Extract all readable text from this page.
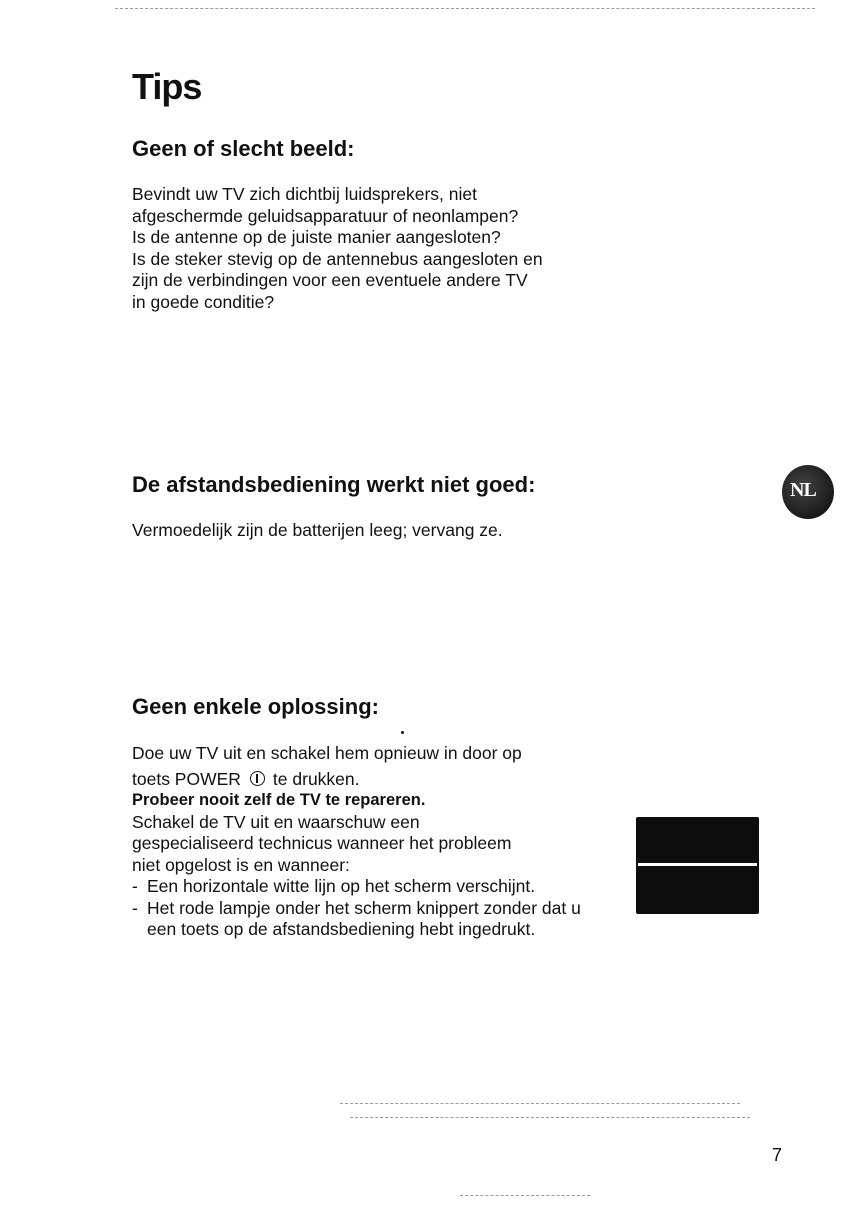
Tips
Geen of slecht beeld:

Bevindt uw TV zich dichtbij luidsprekers, niet

afgeschermde geluidsapparatuur of neonlampen?

Is de antenne op de juiste manier aangesloten?

Is de steker stevig op de antennebus aangesloten en

zijn de verbindingen voor een eventuele andere TV

in goede conditie?

De afstandsbediening werkt niet goed:

Vermoedelijk zijn de batterijen leeg; vervang ze.

NL
Geen enkele oplossing:

Doe uw TV uit en schakel hem opnieuw in door op

toets POWER te drukken.

Probeer nooit zelf de TV te repareren.

Schakel de TV uit en waarschuw een

gespecialiseerd technicus wanneer het probleem

niet opgelost is en wanneer:

- Een horizontale witte lijn op het scherm verschijnt.
- Het rode lampje onder het scherm knippert zonder dat u een toets op de afstandsbediening hebt ingedrukt.
7
